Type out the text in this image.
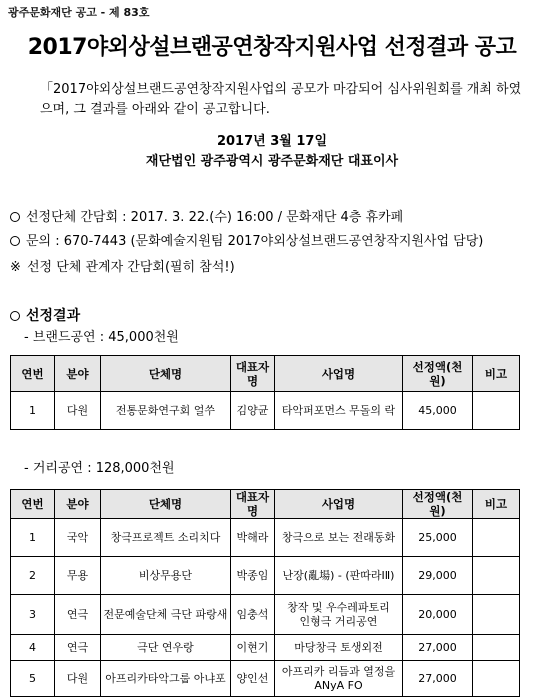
광주문화재단 공고 - 제 83호
2017야외상설브랜공연창작지원사업 선정결과 공고
「2017야외상설브랜드공연창작지원사업의 공모가 마감되어 심사위원회를 개최 하였으며, 그 결과를 아래와 같이 공고합니다.
2017년 3월 17일
재단법인 광주광역시 광주문화재단 대표이사
선정단체 간담회 : 2017. 3. 22.(수) 16:00 / 문화재단 4층 휴카페
문의 : 670-7443 (문화예술지원팀 2017야외상설브랜드공연창작지원사업 담당)
※ 선정 단체 관계자 간담회(필히 참석!)
선정결과
- 브랜드공연 : 45,000천원
연번	분야	단체명	대표자명	사업명	선정액(천원)	비고
1	다원	전통문화연구회 얼쑤	김양균	타악퍼포먼스 무돌의 락	45,000	
- 거리공연 : 128,000천원
연번	분야	단체명	대표자명	사업명	선정액(천원)	비고
1	국악	창극프로젝트 소리치다	박해라	창극으로 보는 전래동화	25,000	
2	무용	비상무용단	박종임	난장(亂場) - (판따라ⅠⅡ)	29,000	
3	연극	전문예술단체 극단 파랑새	임충석	창작 및 우수레파토리 인형극 거리공연	20,000	
4	연극	극단 연우랑	이현기	마당창극 토생외전	27,000	
5	다원	아프리카타악그룹 아냐포	양인선	아프리카 리듬과 열정을 ANyA FO	27,000	
